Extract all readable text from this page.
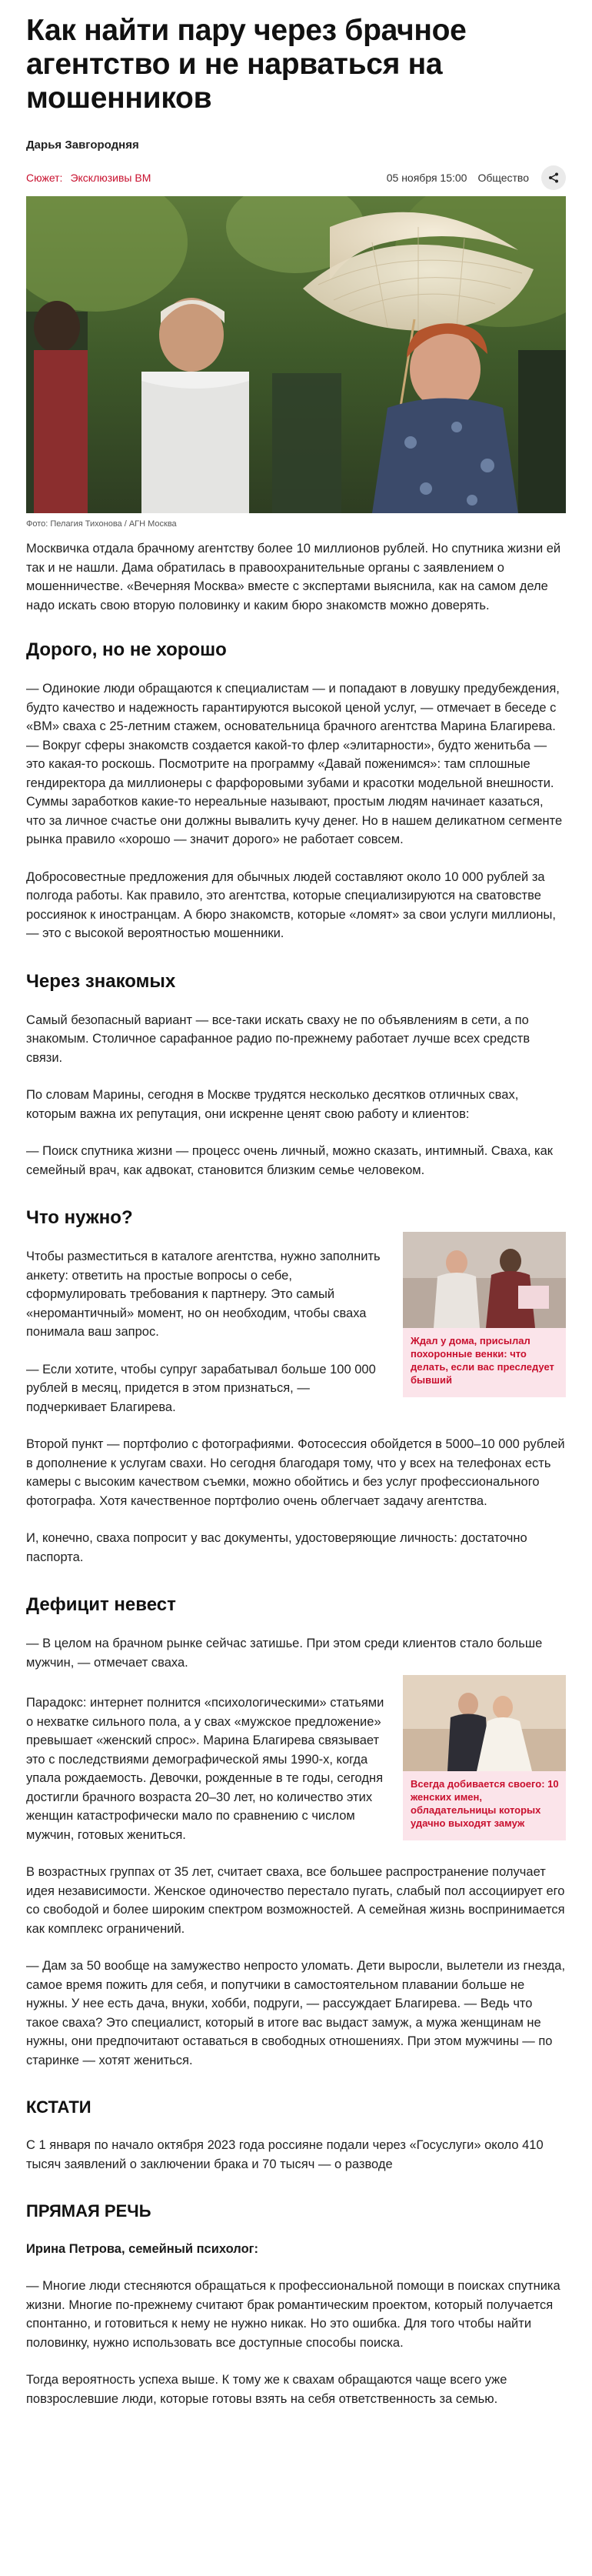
Как найти пару через брачное агентство и не нарваться на мошенников
Дарья Завгородняя
Сюжет: Эксклюзивы ВМ	05 ноября 15:00 Общество
Фото: Пелагия Тихонова / АГН Москва

Москвичка отдала брачному агентству более 10 миллионов рублей. Но спутника жизни ей так и не нашли. Дама обратилась в правоохранительные органы с заявлением о мошенничестве. «Вечерняя Москва» вместе с экспертами выяснила, как на самом деле надо искать свою вторую половинку и каким бюро знакомств можно доверять.

Дорого, но не хорошо

— Одинокие люди обращаются к специалистам — и попадают в ловушку предубеждения, будто качество и надежность гарантируются высокой ценой услуг, — отмечает в беседе с «ВМ» сваха с 25-летним стажем, основательница брачного агентства Марина Благирева. — Вокруг сферы знакомств создается какой-то флер «элитарности», будто женитьба — это какая-то роскошь. Посмотрите на программу «Давай поженимся»: там сплошные гендиректора да миллионеры с фарфоровыми зубами и красотки модельной внешности. Суммы заработков какие-то нереальные называют, простым людям начинает казаться, что за личное счастье они должны вывалить кучу денег. Но в нашем деликатном сегменте рынка правило «хорошо — значит дорого» не работает совсем.

Добросовестные предложения для обычных людей составляют около 10 000 рублей за полгода работы. Как правило, это агентства, которые специализируются на сватовстве россиянок к иностранцам. А бюро знакомств, которые «ломят» за свои услуги миллионы, — это с высокой вероятностью мошенники.

Через знакомых

Самый безопасный вариант — все-таки искать сваху не по объявлениям в сети, а по знакомым. Столичное сарафанное радио по-прежнему работает лучше всех средств связи.

По словам Марины, сегодня в Москве трудятся несколько десятков отличных свах, которым важна их репутация, они искренне ценят свою работу и клиентов:

— Поиск спутника жизни — процесс очень личный, можно сказать, интимный. Сваха, как семейный врач, как адвокат, становится близким семье человеком.

Что нужно?
Ждал у дома, присылал похоронные венки: что делать, если вас преследует бывший

Чтобы разместиться в каталоге агентства, нужно заполнить анкету: ответить на простые вопросы о себе, сформулировать требования к партнеру. Это самый «неромантичный» момент, но он необходим, чтобы сваха понимала ваш запрос.

— Если хотите, чтобы супруг зарабатывал больше 100 000 рублей в месяц, придется в этом признаться, — подчеркивает Благирева.

Второй пункт — портфолио с фотографиями. Фотосессия обойдется в 5000–10 000 рублей в дополнение к услугам свахи. Но сегодня благодаря тому, что у всех на телефонах есть камеры с высоким качеством съемки, можно обойтись и без услуг профессионального фотографа. Хотя качественное портфолио очень облегчает задачу агентства.

И, конечно, сваха попросит у вас документы, удостоверяющие личность: достаточно паспорта.

Дефицит невест

— В целом на брачном рынке сейчас затишье. При этом среди клиентов стало больше мужчин, — отмечает сваха.

Всегда добивается своего: 10 женских имен, обладательницы которых удачно выходят замуж

Парадокс: интернет полнится «психологическими» статьями о нехватке сильного пола, а у свах «мужское предложение» превышает «женский спрос». Марина Благирева связывает это с последствиями демографической ямы 1990-х, когда упала рождаемость. Девочки, рожденные в те годы, сегодня достигли брачного возраста 20–30 лет, но количество этих женщин катастрофически мало по сравнению с числом мужчин, готовых жениться.

В возрастных группах от 35 лет, считает сваха, все большее распространение получает идея независимости. Женское одиночество перестало пугать, слабый пол ассоциирует его со свободой и более широким спектром возможностей. А семейная жизнь воспринимается как комплекс ограничений.

— Дам за 50 вообще на замужество непросто уломать. Дети выросли, вылетели из гнезда, самое время пожить для себя, и попутчики в самостоятельном плавании больше не нужны. У нее есть дача, внуки, хобби, подруги, — рассуждает Благирева. — Ведь что такое сваха? Это специалист, который в итоге вас выдаст замуж, а мужа женщинам не нужны, они предпочитают оставаться в свободных отношениях. При этом мужчины — по старинке — хотят жениться.

КСТАТИ

С 1 января по начало октября 2023 года россияне подали через «Госуслуги» около 410 тысяч заявлений о заключении брака и 70 тысяч — о разводе

ПРЯМАЯ РЕЧЬ

Ирина Петрова, семейный психолог:

— Многие люди стесняются обращаться к профессиональной помощи в поисках спутника жизни. Многие по-прежнему считают брак романтическим проектом, который получается спонтанно, и готовиться к нему не нужно никак. Но это ошибка. Для того чтобы найти половинку, нужно использовать все доступные способы поиска.

Тогда вероятность успеха выше. К тому же к свахам обращаются чаще всего уже повзрослевшие люди, которые готовы взять на себя ответственность за семью.
